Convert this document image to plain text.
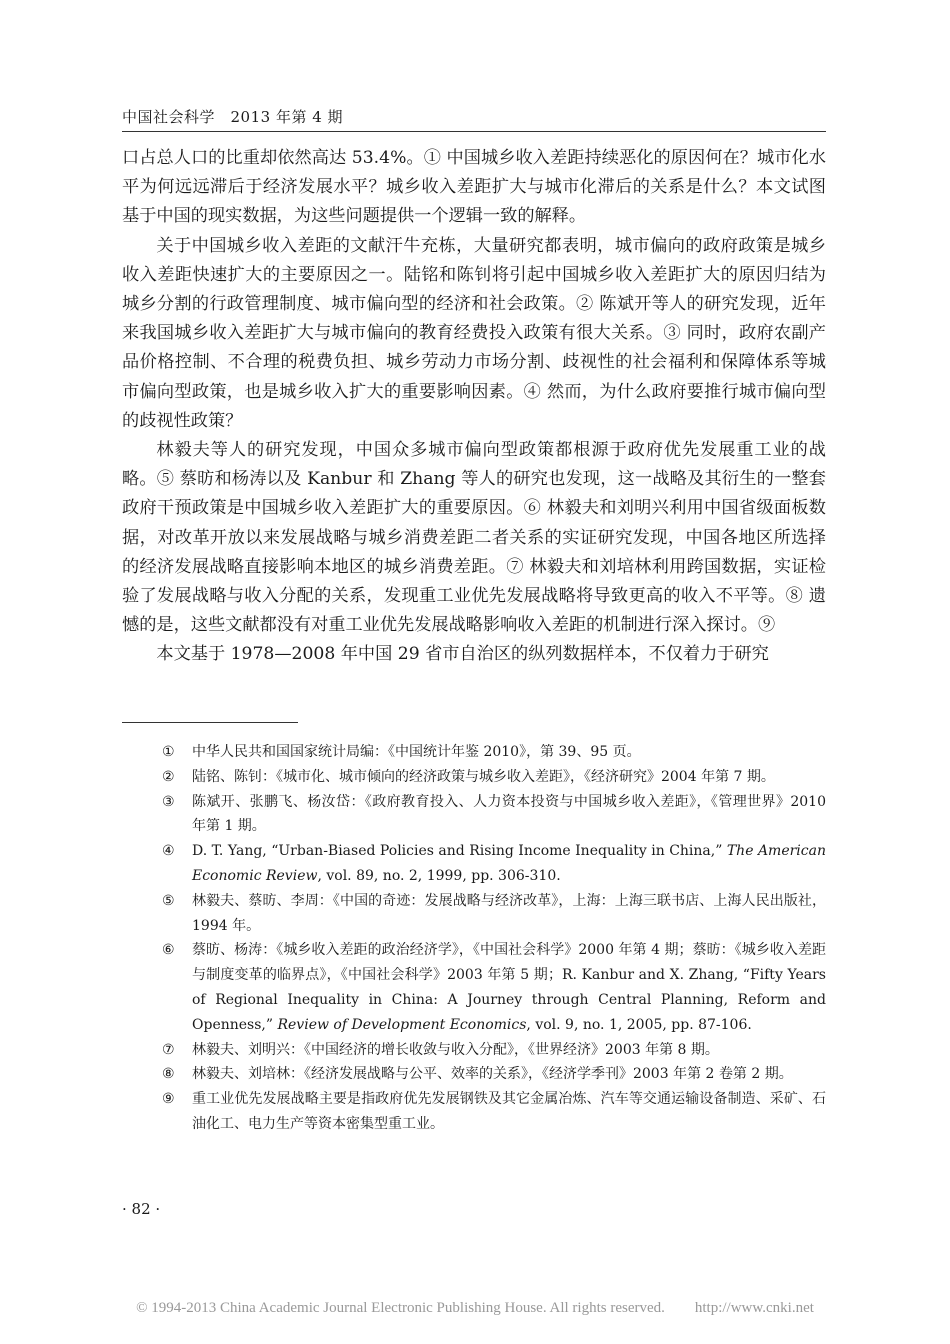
中国社会科学　2013 年第 4 期

口占总人口的比重却依然高达 53.4%。① 中国城乡收入差距持续恶化的原因何在？城市化水平为何远远滞后于经济发展水平？城乡收入差距扩大与城市化滞后的关系是什么？本文试图基于中国的现实数据，为这些问题提供一个逻辑一致的解释。

关于中国城乡收入差距的文献汗牛充栋，大量研究都表明，城市偏向的政府政策是城乡收入差距快速扩大的主要原因之一。陆铭和陈钊将引起中国城乡收入差距扩大的原因归结为城乡分割的行政管理制度、城市偏向型的经济和社会政策。② 陈斌开等人的研究发现，近年来我国城乡收入差距扩大与城市偏向的教育经费投入政策有很大关系。③ 同时，政府农副产品价格控制、不合理的税费负担、城乡劳动力市场分割、歧视性的社会福利和保障体系等城市偏向型政策，也是城乡收入扩大的重要影响因素。④ 然而，为什么政府要推行城市偏向型的歧视性政策？

林毅夫等人的研究发现，中国众多城市偏向型政策都根源于政府优先发展重工业的战略。⑤ 蔡昉和杨涛以及 Kanbur 和 Zhang 等人的研究也发现，这一战略及其衍生的一整套政府干预政策是中国城乡收入差距扩大的重要原因。⑥ 林毅夫和刘明兴利用中国省级面板数据，对改革开放以来发展战略与城乡消费差距二者关系的实证研究发现，中国各地区所选择的经济发展战略直接影响本地区的城乡消费差距。⑦ 林毅夫和刘培林利用跨国数据，实证检验了发展战略与收入分配的关系，发现重工业优先发展战略将导致更高的收入不平等。⑧ 遗憾的是，这些文献都没有对重工业优先发展战略影响收入差距的机制进行深入探讨。⑨

本文基于 1978—2008 年中国 29 省市自治区的纵列数据样本，不仅着力于研究

①	中华人民共和国国家统计局编：《中国统计年鉴 2010》，第 39、95 页。
②	陆铭、陈钊：《城市化、城市倾向的经济政策与城乡收入差距》，《经济研究》2004 年第 7 期。
③	陈斌开、张鹏飞、杨汝岱：《政府教育投入、人力资本投资与中国城乡收入差距》，《管理世界》2010 年第 1 期。
④	D. T. Yang, “Urban-Biased Policies and Rising Income Inequality in China,” The American Economic Review, vol. 89, no. 2, 1999, pp. 306-310.
⑤	林毅夫、蔡昉、李周：《中国的奇迹：发展战略与经济改革》，上海：上海三联书店、上海人民出版社，1994 年。
⑥	蔡昉、杨涛：《城乡收入差距的政治经济学》，《中国社会科学》2000 年第 4 期；蔡昉：《城乡收入差距与制度变革的临界点》，《中国社会科学》2003 年第 5 期；R. Kanbur and X. Zhang, “Fifty Years of Regional Inequality in China: A Journey through Central Planning, Reform and Openness,” Review of Development Economics, vol. 9, no. 1, 2005, pp. 87-106.
⑦	林毅夫、刘明兴：《中国经济的增长收敛与收入分配》，《世界经济》2003 年第 8 期。
⑧	林毅夫、刘培林：《经济发展战略与公平、效率的关系》，《经济学季刊》2003 年第 2 卷第 2 期。
⑨	重工业优先发展战略主要是指政府优先发展钢铁及其它金属冶炼、汽车等交通运输设备制造、采矿、石油化工、电力生产等资本密集型重工业。
· 82 ·
© 1994-2013 China Academic Journal Electronic Publishing House. All rights reserved.　　http://www.cnki.net
